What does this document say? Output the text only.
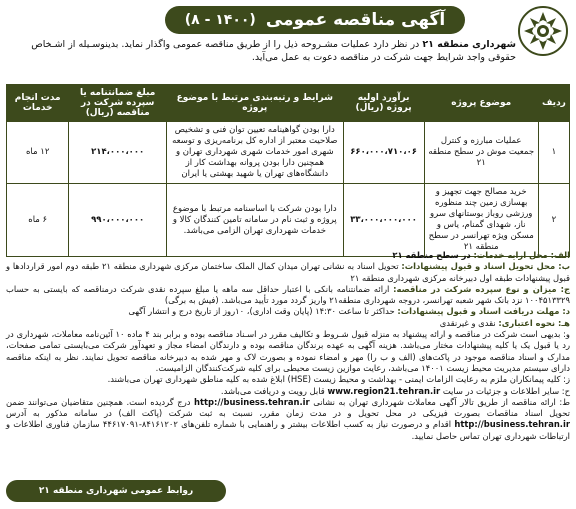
آگهی مناقصه عمومی
(۸ - ۱۴۰۰)
شهرداری منطقه ۲۱ در نظر دارد عملیات مشـروحه ذیل را از طریق مناقصه عمومی واگذار نماید. بدینوسـیله از اشـخاص حقوقی واجد شرایط جهت شرکت در مناقصه دعوت به عمل می‌آید.
ردیف	موضوع پروژه	برآورد اولیه پروژه (ریال)	شرایط و رتبه‌بندی مرتبط با موضوع پروژه	مبلغ ضمانتنامه یا سپرده شرکت در مناقصه (ریال)	مدت انجام خدمات
۱	عملیات مبارزه و کنترل جمعیت موش در سطح منطقه ۲۱	۶۶۰،۰۰۰،۷۱۰،۰۶	دارا بودن گواهینامه تعیین توان فنی و تشخیص صلاحیت معتبر از اداره کل برنامه‌ریزی و توسعه شهری امور خدمات شهری شهرداری تهران و همچنین دارا بودن پروانه بهداشت کار از دانشگاه‌های تهران یا شهید بهشتی یا ایران	۲۱۴،۰۰۰،۰۰۰	۱۲ ماه
۲	خرید مصالح جهت تجهیز و بهسازی زمین چند منظوره ورزشی روباز بوستانهای سرو ناز، شهدای گمنام، یاس و مسکن ویژه تهرانسر در سطح منطقه ۲۱	۳۳،۰۰۰،۰۰۰،۰۰۰	دارا بودن شرکت با اساسنامه مرتبط با موضوع پروژه و ثبت نام در سامانه تامین کنندگان کالا و خدمات شهرداری تهران الزامی می‌باشد.	۹۹۰،۰۰۰،۰۰۰	۶ ماه

الف: محل ارایه خدمات: در سطح منطقه ۲۱

ب: محل تحویل اسناد و قبول پیشنهادات: تحویل اسناد به نشانی تهران میدان کمال الملک ساختمان مرکزی شهرداری منطقه ۲۱ طبقه دوم امور قراردادها و قبول پیشنهادات طبقه اول دبیرخانه مرکزی شهرداری منطقه ۲۱

ج: میزان و نوع سپرده شرکت در مناقصه: ارائه ضمانتنامه بانکی با اعتبار حداقل سه ماهه یا مبلغ سپرده نقدی شرکت درمناقصه که بایستی به حساب ۱۰۰۴۵۱۳۳۲۹ نزد بانک شهر شعبه تهرانسر، دروجه شهرداری منطقه۲۱ واریز گردد مورد تأیید می‌باشد. (فیش به برگی)

د: مهلت دریافت اسناد و قبول پیشنهادات: حداکثر تا ساعت ۱۴:۳۰ (پایان وقت اداری)، ۱۰روز از تاریخ درج و انتشار آگهی

هـ: نحوه اعتباری: نقدی و غیرنقدی

و: بدیهی است شرکت در مناقصه و ارائه پیشنهاد به منزله قبول شـروط و تکالیف مقرر در اسـناد مناقصه بوده و برابر بند ۴ ماده ۱۰ آئین‌نامه معاملات، شهرداری در رد یا قبول یک یا کلیه پیشنهادات مختار می‌باشد. هزینه آگهی به عهده برندگان مناقصه بوده و دارندگان امضاء مجاز و تعهدآور شرکت می‌بایستی تمامی صفحات، مدارک و اسناد مناقصه موجود در پاکت‌های (الف و ب را) مهر و امضاء نموده و بصورت لاک و مهر شده به دبیرخانه مناقصه تحویل نمایند. نظر به اینکه مناقصه دارای سیستم مدیریت محیط زیست ۱۴۰۰۱ می‌باشد، رعایت موازین زیست محیطی برای کلیه شرکت‌کنندگان الزامیست.

ز: کلیه پیمانکاران ملزم به رعایت الزامات ایمنی - بهداشت و محیط زیست (HSE) ابلاغ شده به کلیه مناطق شهرداری تهران می‌باشند.

ح: سایر اطلاعات و جزئیات در سایت www.region21.tehran.ir قابل رویت و دریافت می‌باشد.

ط: ارائه مناقصه از طریق تالار آگهی معاملات شهرداری تهران به نشانی http://business.tehran.ir درج گردیده است. همچنین متقاضیان می‌توانند ضمن تحویل اسناد مناقصات بصورت فیزیکی در محل تحویل و در مدت زمان مقرر، نسبت به ثبت شرکت (پاکت الف) در سامانه مذکور به آدرس http://business.tehran.ir اقدام و درصورت نیاز به کسب اطلاعات بیشتر و راهنمایی با شماره تلفن‌های ۸۴۱۶۱۲۰۲-۴۴۶۱۷۰۹۱ سازمان فناوری اطلاعات و ارتباطات شهرداری تهران تماس حاصل نمایید.

روابط عمومی شهرداری منطقه ۲۱
